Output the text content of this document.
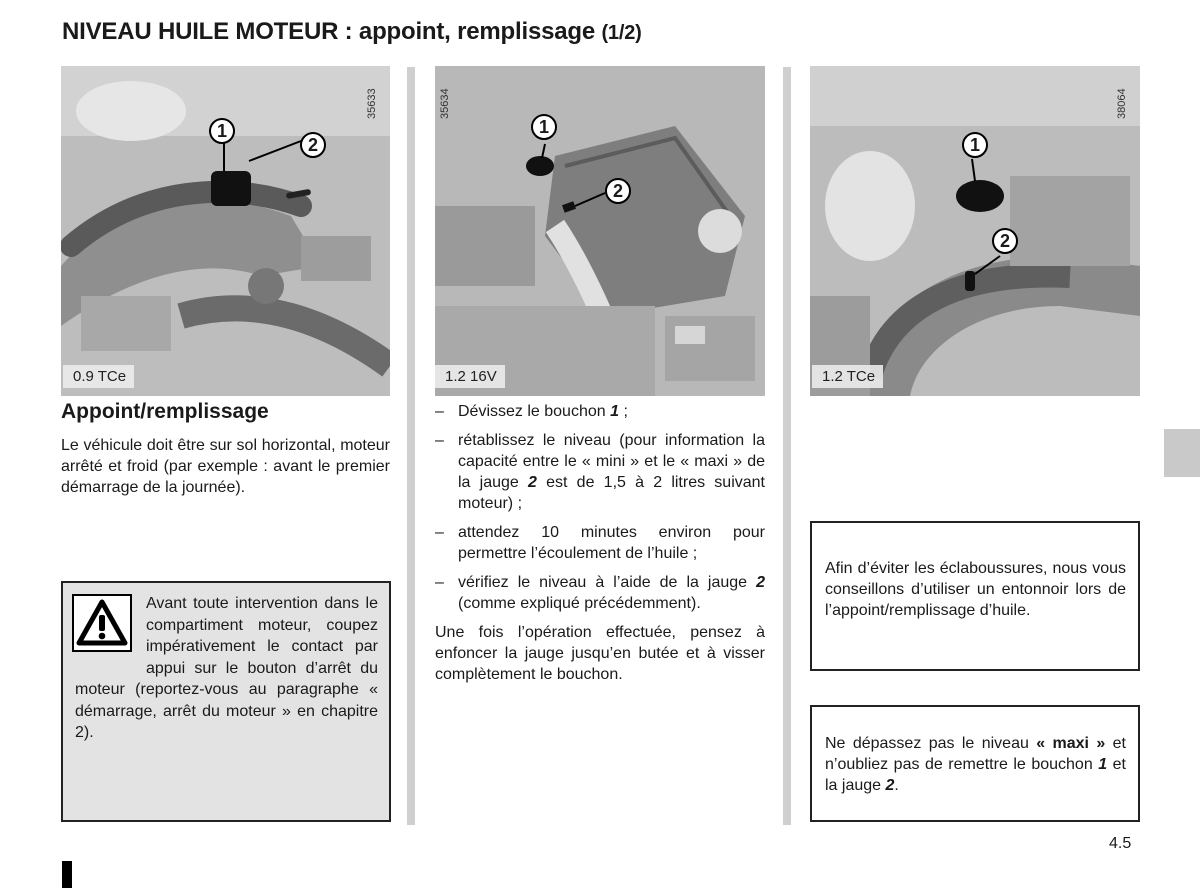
NIVEAU HUILE MOTEUR : appoint, remplissage (1/2)
1
2
35633
0.9 TCe
1
2
35634
1.2 16V
1
2
38064
1.2 TCe
Appoint/remplissage
Le véhicule doit être sur sol horizontal, moteur arrêté et froid (par exemple : avant le premier démarrage de la journée).
Avant toute intervention dans le compartiment moteur, coupez impérativement le contact par appui sur le bouton d’arrêt du moteur (reportez-vous au paragraphe « démarrage, arrêt du moteur » en chapitre 2).
– Dévissez le bouchon 1 ;
– rétablissez le niveau (pour information la capacité entre le « mini » et le « maxi » de la jauge 2 est de 1,5 à 2 litres suivant moteur) ;
– attendez 10 minutes environ pour permettre l’écoulement de l’huile ;
– vérifiez le niveau à l’aide de la jauge 2 (comme expliqué précédemment).
Une fois l’opération effectuée, pensez à enfoncer la jauge jusqu’en butée et à visser complètement le bouchon.
Afin d’éviter les éclaboussures, nous vous conseillons d’utiliser un entonnoir lors de l’appoint/remplissage d’huile.
Ne dépassez pas le niveau « maxi » et n’oubliez pas de remettre le bouchon 1 et la jauge 2.
4.5
